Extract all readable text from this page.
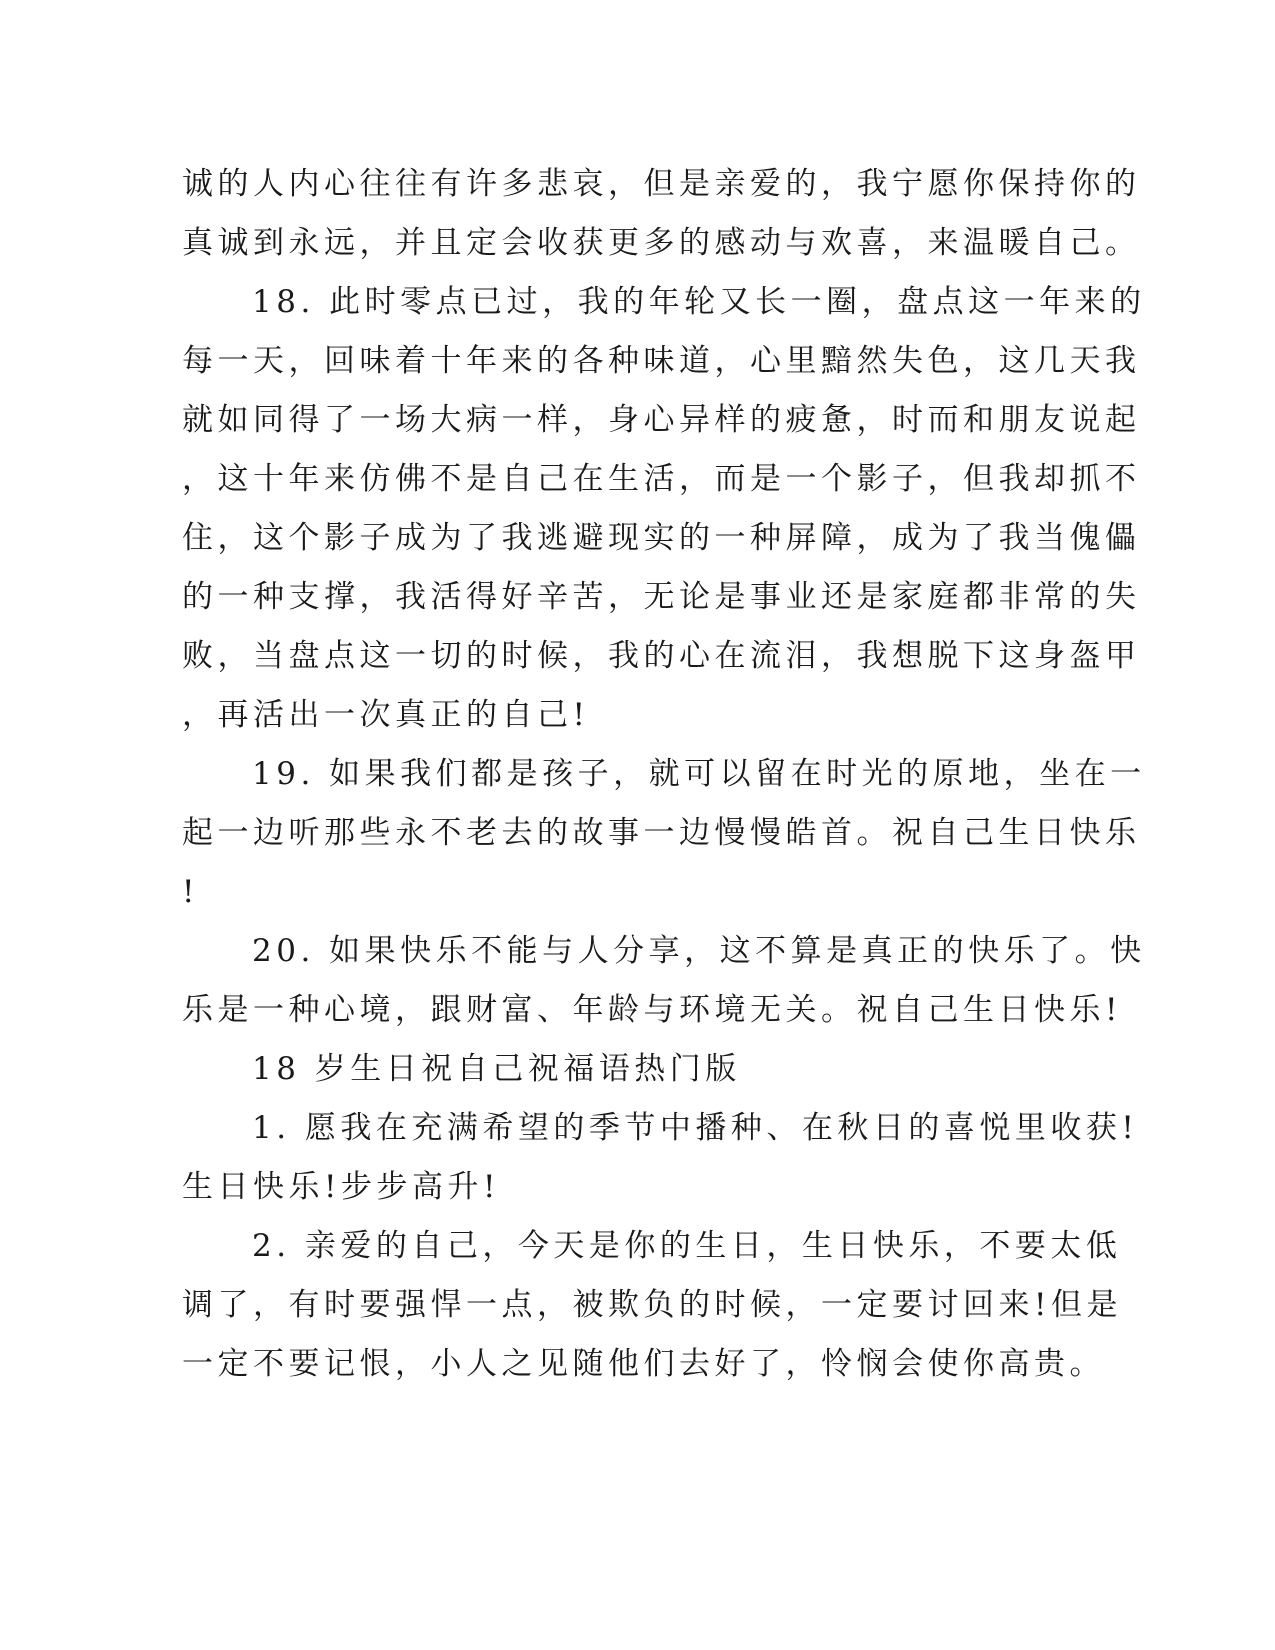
诚的人内心往往有许多悲哀，但是亲爱的，我宁愿你保持你的
真诚到永远，并且定会收获更多的感动与欢喜，来温暖自己。
18. 此时零点已过，我的年轮又长一圈，盘点这一年来的
每一天，回味着十年来的各种味道，心里黯然失色，这几天我
就如同得了一场大病一样，身心异样的疲惫，时而和朋友说起
，这十年来仿佛不是自己在生活，而是一个影子，但我却抓不
住，这个影子成为了我逃避现实的一种屏障，成为了我当傀儡
的一种支撑，我活得好辛苦，无论是事业还是家庭都非常的失
败，当盘点这一切的时候，我的心在流泪，我想脱下这身盔甲
，再活出一次真正的自己!
19. 如果我们都是孩子，就可以留在时光的原地，坐在一
起一边听那些永不老去的故事一边慢慢皓首。祝自己生日快乐
!
20. 如果快乐不能与人分享，这不算是真正的快乐了。快
乐是一种心境，跟财富、年龄与环境无关。祝自己生日快乐!
18 岁生日祝自己祝福语热门版
1. 愿我在充满希望的季节中播种、在秋日的喜悦里收获!
生日快乐!步步高升!
2. 亲爱的自己，今天是你的生日，生日快乐，不要太低
调了，有时要强悍一点，被欺负的时候，一定要讨回来!但是
一定不要记恨，小人之见随他们去好了，怜悯会使你高贵。
